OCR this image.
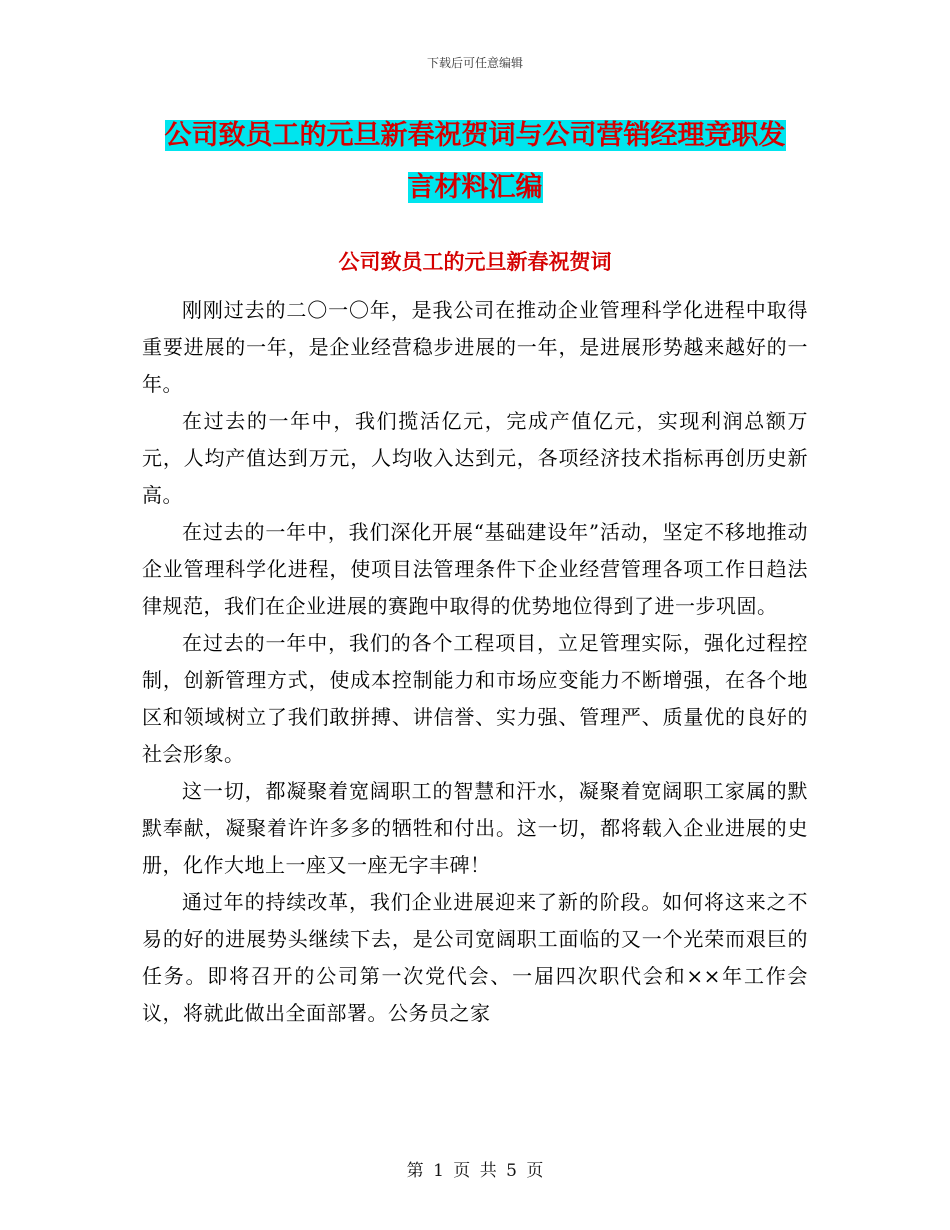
下载后可任意编辑
公司致员工的元旦新春祝贺词与公司营销经理竞职发
言材料汇编
公司致员工的元旦新春祝贺词

刚刚过去的二〇一〇年，是我公司在推动企业管理科学化进程中取得重要进展的一年，是企业经营稳步进展的一年，是进展形势越来越好的一年。

在过去的一年中，我们揽活亿元，完成产值亿元，实现利润总额万元，人均产值达到万元，人均收入达到元，各项经济技术指标再创历史新高。

在过去的一年中，我们深化开展“基础建设年”活动，坚定不移地推动企业管理科学化进程，使项目法管理条件下企业经营管理各项工作日趋法律规范，我们在企业进展的赛跑中取得的优势地位得到了进一步巩固。

在过去的一年中，我们的各个工程项目，立足管理实际，强化过程控制，创新管理方式，使成本控制能力和市场应变能力不断增强，在各个地区和领域树立了我们敢拼搏、讲信誉、实力强、管理严、质量优的良好的社会形象。

这一切，都凝聚着宽阔职工的智慧和汗水，凝聚着宽阔职工家属的默默奉献，凝聚着许许多多的牺牲和付出。这一切，都将载入企业进展的史册，化作大地上一座又一座无字丰碑！

通过年的持续改革，我们企业进展迎来了新的阶段。如何将这来之不易的好的进展势头继续下去，是公司宽阔职工面临的又一个光荣而艰巨的任务。即将召开的公司第一次党代会、一届四次职代会和××年工作会议，将就此做出全面部署。公务员之家

第 1 页 共 5 页
